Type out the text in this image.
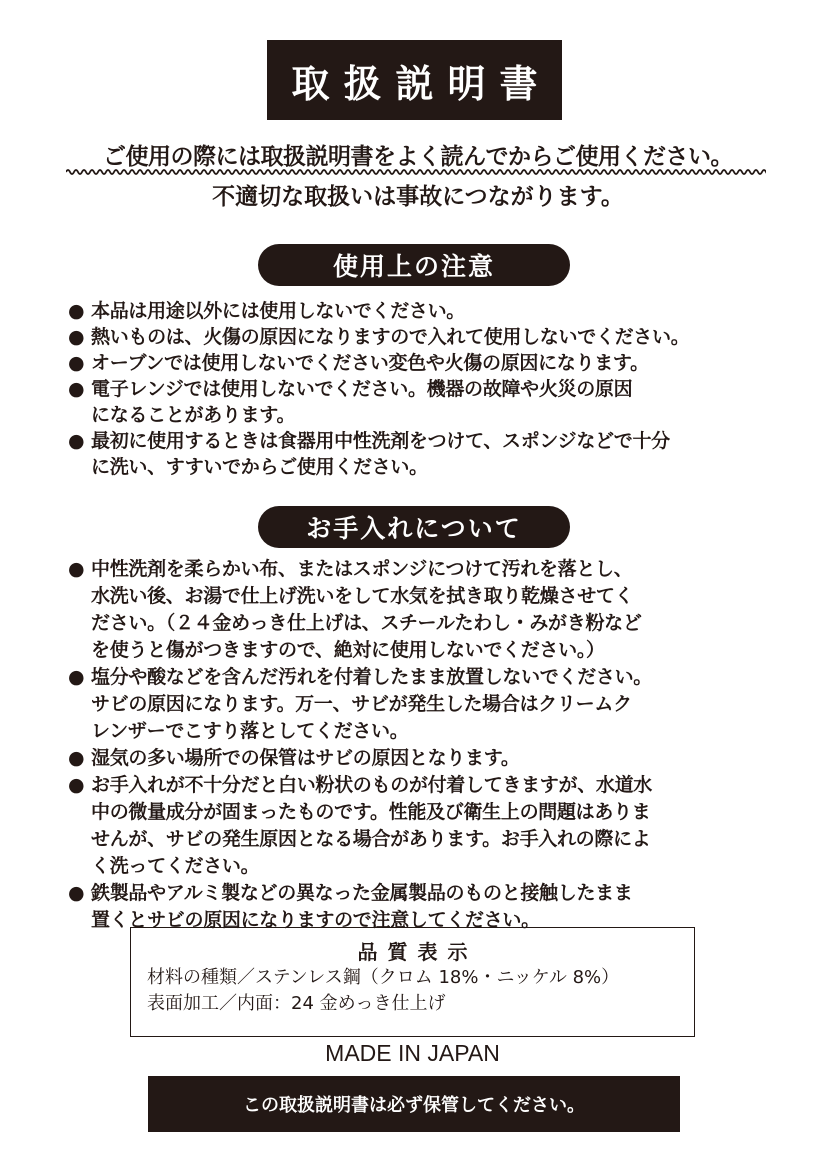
取扱説明書
ご使用の際には取扱説明書をよく読んでからご使用ください。
不適切な取扱いは事故につながります。
使用上の注意
● 本品は用途以外には使用しないでください。
● 熱いものは、火傷の原因になりますので入れて使用しないでください。
● オーブンでは使用しないでください変色や火傷の原因になります。
● 電子レンジでは使用しないでください。機器の故障や火災の原因
になることがあります。
● 最初に使用するときは食器用中性洗剤をつけて、スポンジなどで十分
に洗い、すすいでからご使用ください。
お手入れについて
● 中性洗剤を柔らかい布、またはスポンジにつけて汚れを落とし、
水洗い後、お湯で仕上げ洗いをして水気を拭き取り乾燥させてく
ださい。（２４金めっき仕上げは、スチールたわし・みがき粉など
を使うと傷がつきますので、絶対に使用しないでください。）
● 塩分や酸などを含んだ汚れを付着したまま放置しないでください。
サビの原因になります。万一、サビが発生した場合はクリームク
レンザーでこすり落としてください。
● 湿気の多い場所での保管はサビの原因となります。
● お手入れが不十分だと白い粉状のものが付着してきますが、水道水
中の微量成分が固まったものです。性能及び衛生上の問題はありま
せんが、サビの発生原因となる場合があります。お手入れの際によ
く洗ってください。
● 鉄製品やアルミ製などの異なった金属製品のものと接触したまま
置くとサビの原因になりますので注意してください。
品質表示
材料の種類／ステンレス鋼（クロム 18%・ニッケル 8%）
表面加工／内面：24 金めっき仕上げ
MADE IN JAPAN
この取扱説明書は必ず保管してください。
